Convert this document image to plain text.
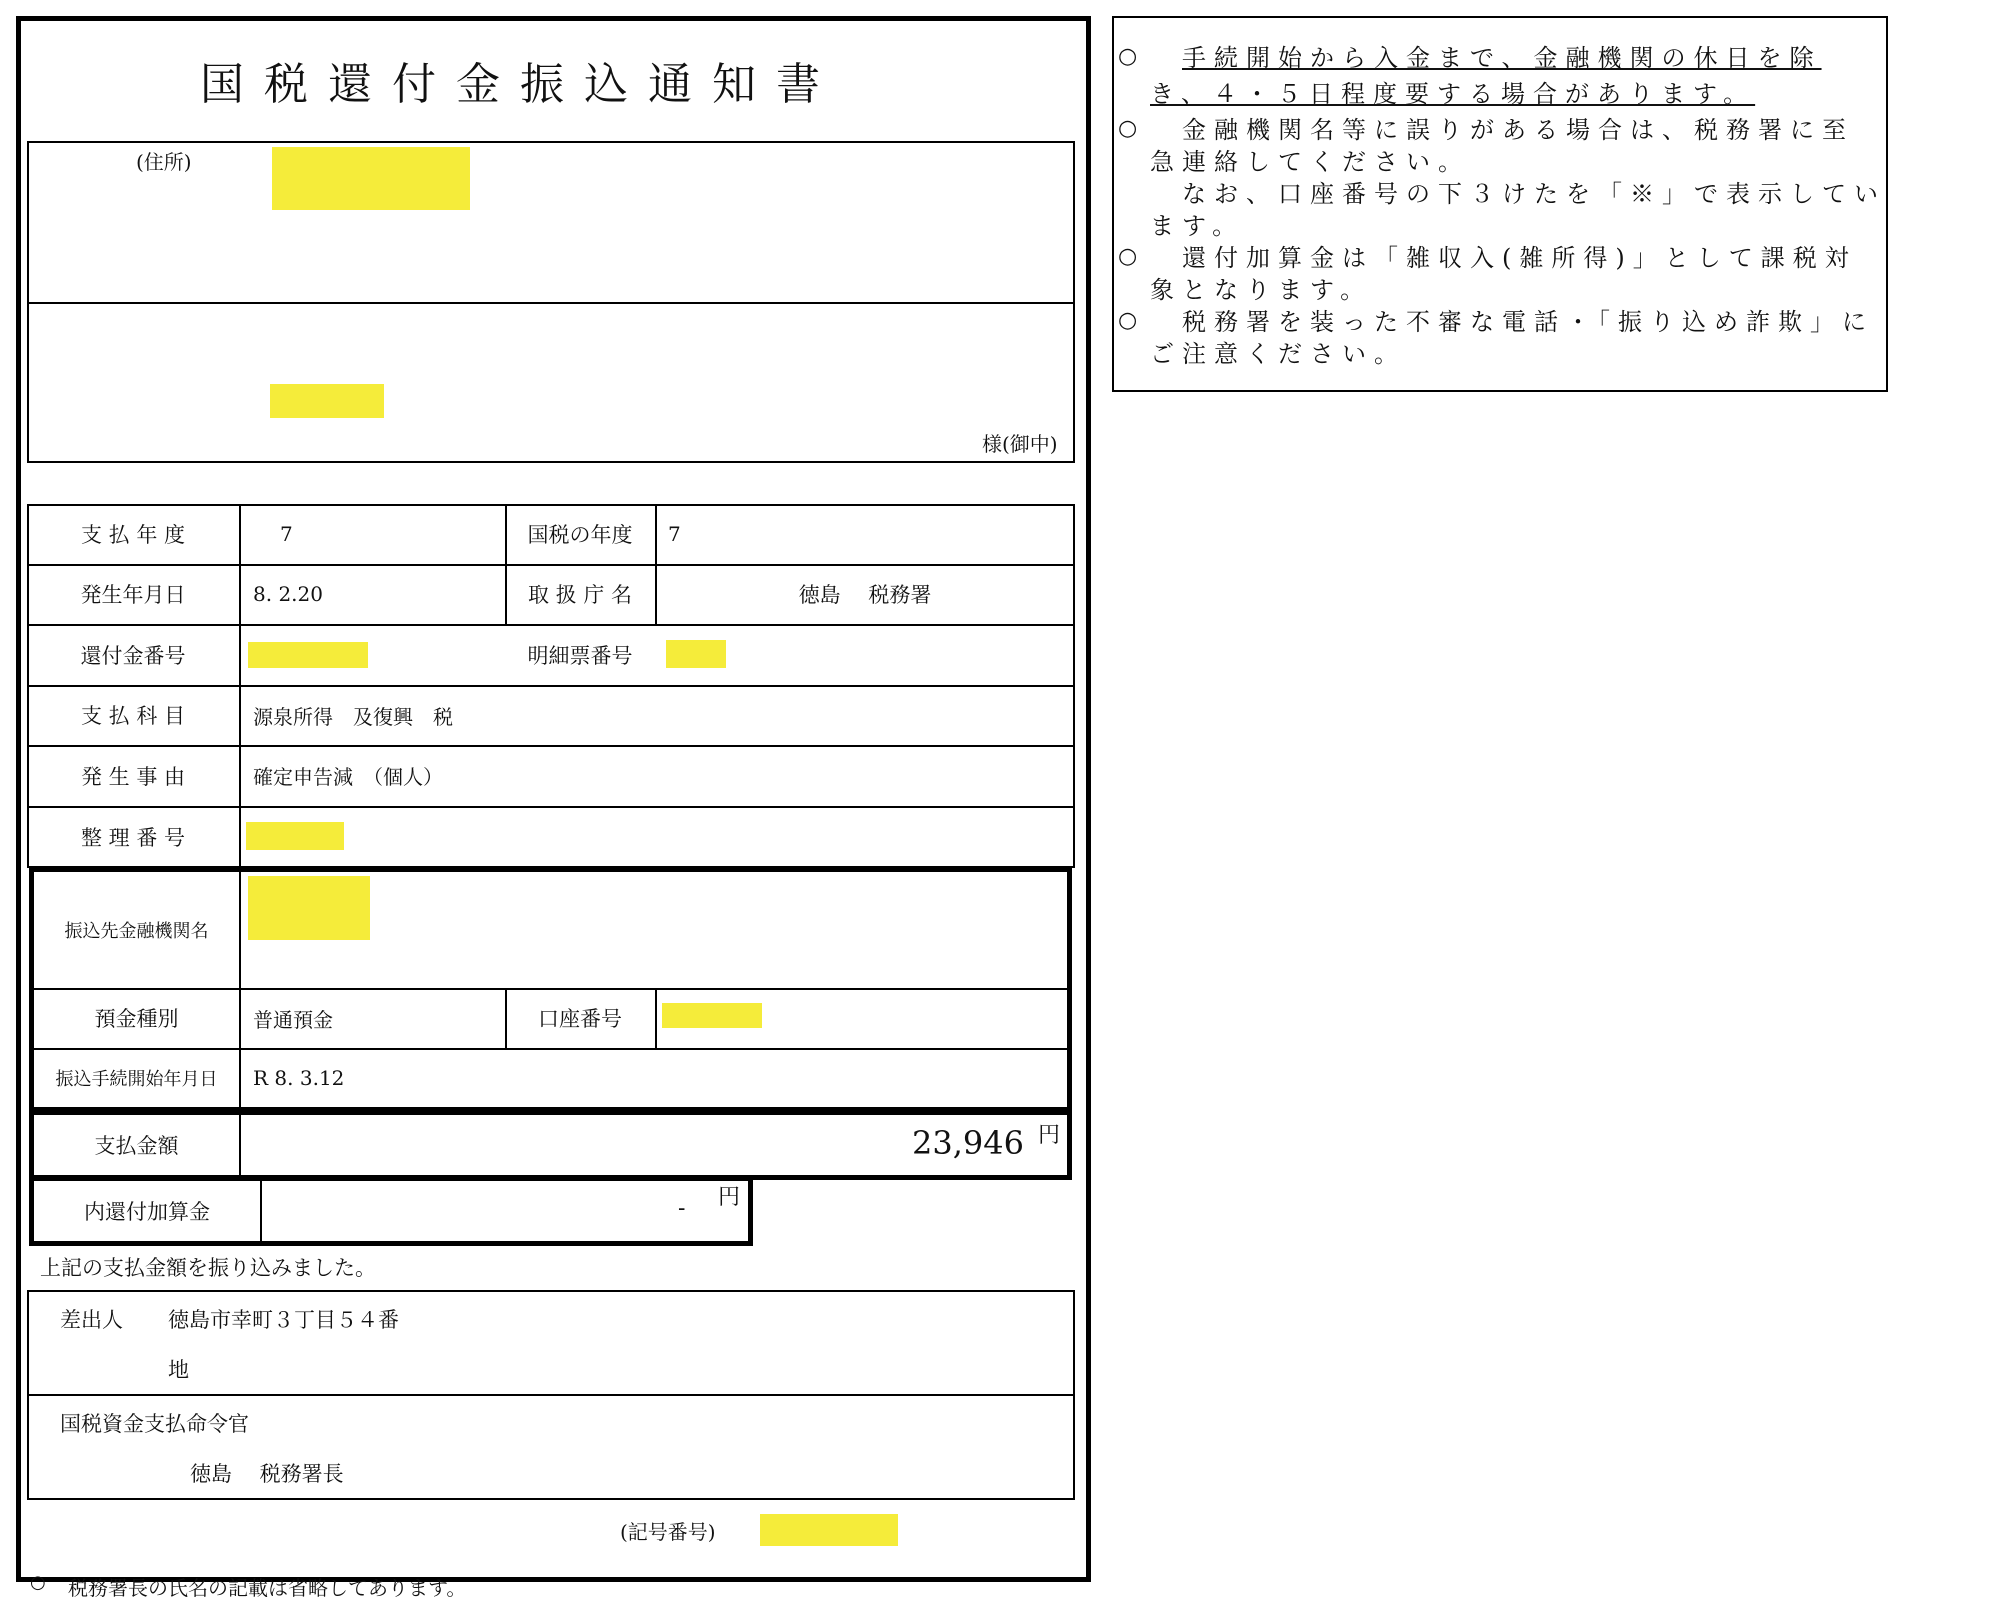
国税還付金振込通知書
(住所)
様(御中)
支 払 年 度	7	国税の年度	7
発生年月日	8. 2.20	取 扱 庁 名	徳島　 税務署
還付金番号	明細票番号
支 払 科 目	源泉所得　及復興　税
発 生 事 由	確定申告減　（個人）
整 理 番 号
振込先金融機関名
預金種別	普通預金	口座番号
振込手続開始年月日	R 8. 3.12
支払金額	23,946 円
内還付加算金	- 円
上記の支払金額を振り込みました。
差出人 徳島市幸町３丁目５４番
地
国税資金支払命令官
徳島　 税務署長
(記号番号)
○ 税務署長の氏名の記載は省略してあります。
○ 手続開始から入金まで、金融機関の休日を除
き、４・５日程度要する場合があります。
○ 金融機関名等に誤りがある場合は、税務署に至
急連絡してください。
なお、口座番号の下３けたを「※」で表示してい
ます。
○ 還付加算金は「雑収入(雑所得)」として課税対
象となります。
○ 税務署を装った不審な電話・「振り込め詐欺」に
ご注意ください。
